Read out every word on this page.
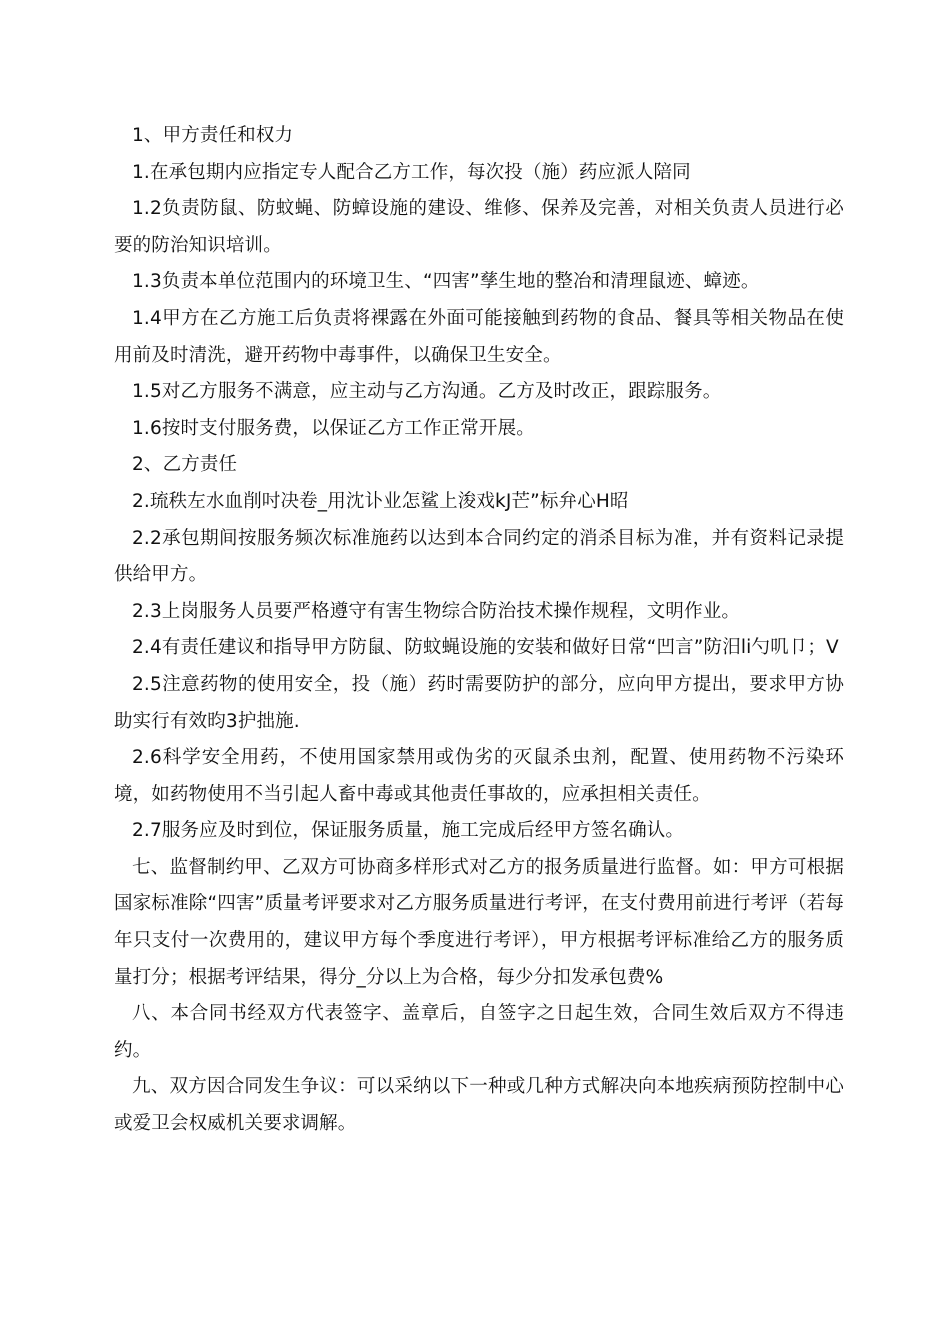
1、甲方责任和权力

1.在承包期内应指定专人配合乙方工作，每次投（施）药应派人陪同

1.2负责防鼠、防蚊蝇、防蟑设施的建设、维修、保养及完善，对相关负责人员进行必要的防治知识培训。

1.3负责本单位范围内的环境卫生、“四害”孳生地的整冶和清理鼠迹、蟑迹。

1.4甲方在乙方施工后负责将裸露在外面可能接触到药物的食品、餐具等相关物品在使用前及时清洗，避开药物中毒事件，以确保卫生安全。

1.5对乙方服务不满意，应主动与乙方沟通。乙方及时改正，跟踪服务。

1.6按时支付服务费，以保证乙方工作正常开展。

2、乙方责任

2.琉秩左水血削吋决卷_用沈讣业怎鲨上浚戏kJ芒”标弁心H昭

2.2承包期间按服务频次标准施药以达到本合同约定的消杀目标为准，并有资料记录提供给甲方。

2.3上岗服务人员要严格遵守有害生物综合防治技术操作规程，文明作业。

2.4有责任建议和指导甲方防鼠、防蚊蝇设施的安装和做好日常“凹言”防汨li勺叽卩；V

2.5注意药物的使用安全，投（施）药时需要防护的部分，应向甲方提出，要求甲方协助实行有效昀3护拙施.

2.6科学安全用药，不使用国家禁用或伪劣的灭鼠杀虫剂，配置、使用药物不污染环境，如药物使用不当引起人畜中毒或其他责任事故的，应承担相关责任。

2.7服务应及时到位，保证服务质量，施工完成后经甲方签名确认。

七、监督制约甲、乙双方可协商多样形式对乙方的报务质量进行监督。如：甲方可根据国家标准除“四害”质量考评要求对乙方服务质量进行考评，在支付费用前进行考评（若每年只支付一次费用的，建议甲方每个季度进行考评），甲方根据考评标准给乙方的服务质量打分；根据考评结果，得分_分以上为合格，每少分扣发承包费%

八、本合同书经双方代表签字、盖章后，自签字之日起生效，合同生效后双方不得违约。

九、双方因合同发生争议：可以采纳以下一种或几种方式解决向本地疾病预防控制中心或爱卫会权威机关要求调解。
